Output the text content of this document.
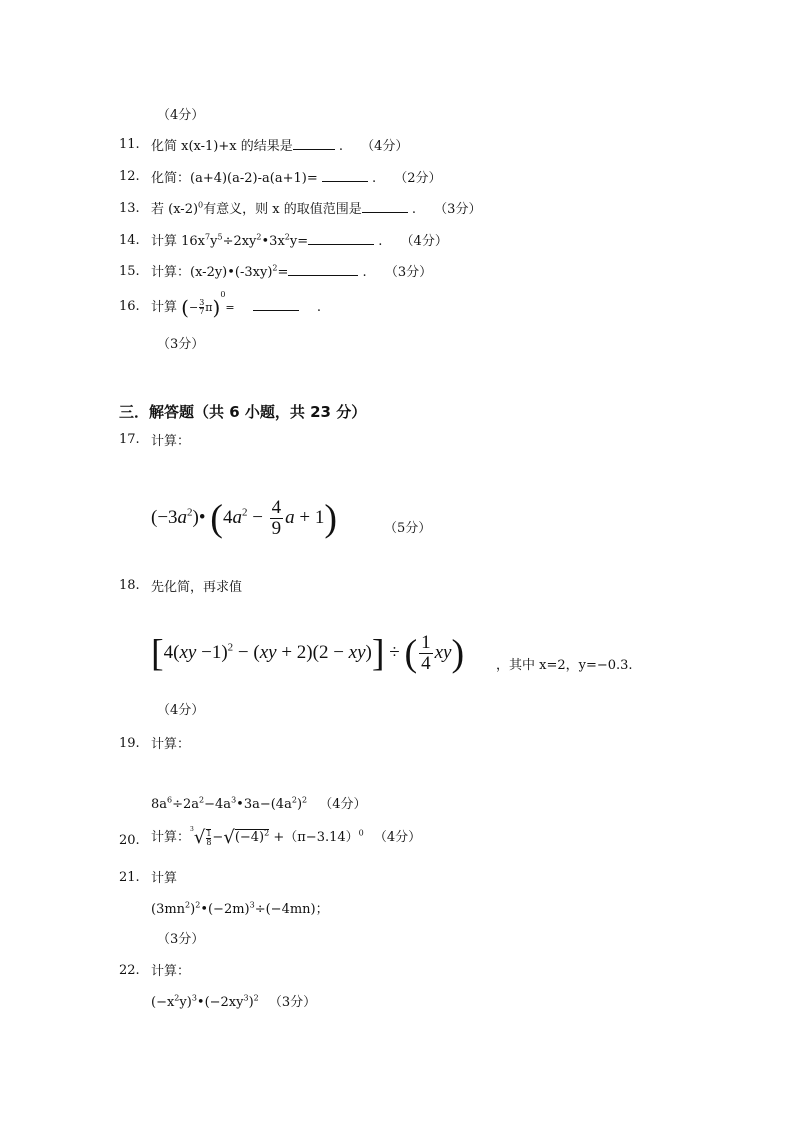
（4分）
11. 化简 x(x-1)+x 的结果是	. （4分）
12. 化简：(a+4)(a-2)-a(a+1)=	. （2分）
13. 若 $(x-2)^0$有意义，则 x 的取值范围是	. （3分）
14. 计算 $16x^7y^5\div 2xy^2•3x^2y=$	. （4分）
15. 计算：$(x-2y)•(-3xy)^2=$	. （3分）
16. 计算 (− $\frac{3}{7} \pi)^0=$	.
（3分）
三．解答题（共 6 小题，共 23 分）
17. 计算：
$(-3a^2)•$ ($4a^2 - \frac{4}{9}$ a + 1)	（5分）
18. 先化简，再求值
[4(xy −1)$^2$ − (xy + 2)(2 − xy)] ÷ ( $\frac{1}{4} xy$) ，其中 x=2，y=−0.3.
（4分）
19. 计算：
$8a^6\div 2a^2-4a^3•3a-(4a^2)^2$ （4分）
20. 计算：$^3√ \frac{1}{8} -√(-4)^2 +(\pi-3.14)^0$ （4分）
21. 计算
$(3mn^2)^2•(-2m)^3\div(-4mn)$；
（3分）
22. 计算：
$(-x^2y)^3•(-2xy^3)^2$ （3分）
